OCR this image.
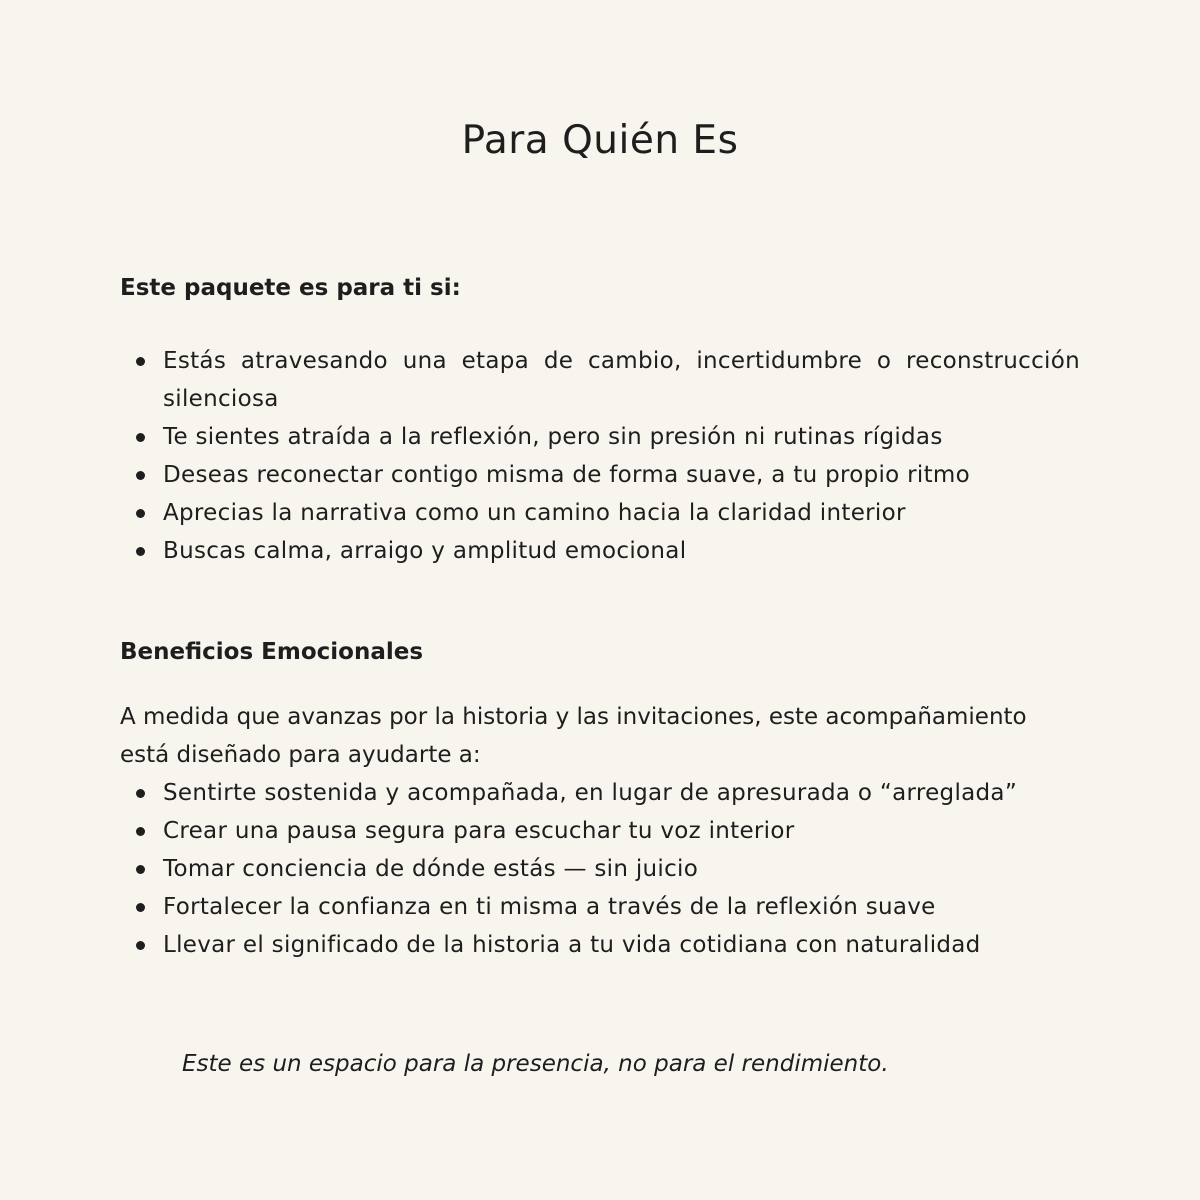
Para Quién Es
Este paquete es para ti si:
Estás atravesando una etapa de cambio, incertidumbre o reconstrucción silenciosa
Te sientes atraída a la reflexión, pero sin presión ni rutinas rígidas
Deseas reconectar contigo misma de forma suave, a tu propio ritmo
Aprecias la narrativa como un camino hacia la claridad interior
Buscas calma, arraigo y amplitud emocional
Beneficios Emocionales

A medida que avanzas por la historia y las invitaciones, este acompañamiento está diseñado para ayudarte a:

Sentirte sostenida y acompañada, en lugar de apresurada o “arreglada”
Crear una pausa segura para escuchar tu voz interior
Tomar conciencia de dónde estás — sin juicio
Fortalecer la confianza en ti misma a través de la reflexión suave
Llevar el significado de la historia a tu vida cotidiana con naturalidad

Este es un espacio para la presencia, no para el rendimiento.
